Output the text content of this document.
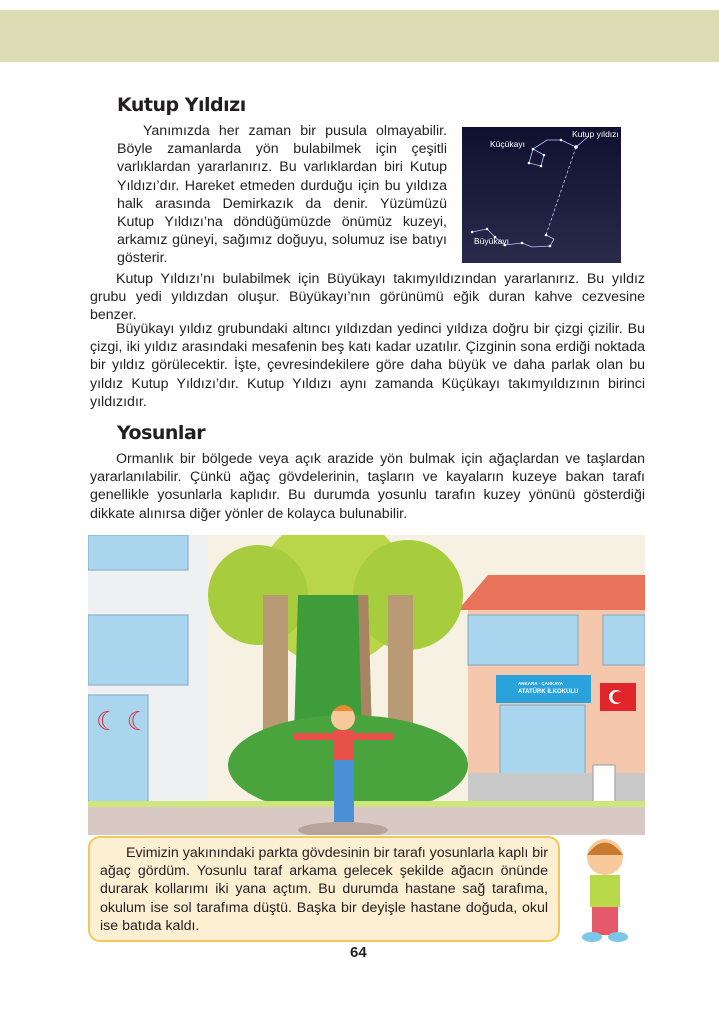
Kutup Yıldızı
Yanımızda her zaman bir pusula olmayabilir. Böyle zamanlarda yön bulabilmek için çeşitli varlıklardan yararlanırız. Bu varlıklardan biri Kutup Yıldızı’dır. Hareket etmeden durduğu için bu yıldıza halk arasında Demirkazık da denir. Yüzümüzü Kutup Yıldızı’na döndüğümüzde önümüz kuzeyi, arkamız güneyi, sağımız doğuyu, solumuz ise batıyı gösterir.
Küçükayı
Kutup yıldızı
Büyükayı
Kutup Yıldızı’nı bulabilmek için Büyükayı takımyıldızından yararlanırız. Bu yıldız grubu yedi yıldızdan oluşur. Büyükayı’nın görünümü eğik duran kahve cezvesine benzer.
Büyükayı yıldız grubundaki altıncı yıldızdan yedinci yıldıza doğru bir çizgi çizilir. Bu çizgi, iki yıldız arasındaki mesafenin beş katı kadar uzatılır. Çizginin sona erdiği noktada bir yıldız görülecektir. İşte, çevresindekilere göre daha büyük ve daha parlak olan bu yıldız Kutup Yıldızı’dır. Kutup Yıldızı aynı zamanda Küçükayı takımyıldızının birinci yıldızıdır.
Yosunlar
Ormanlık bir bölgede veya açık arazide yön bulmak için ağaçlardan ve taşlardan yararlanılabilir. Çünkü ağaç gövdelerinin, taşların ve kayaların kuzeye bakan tarafı genellikle yosunlarla kaplıdır. Bu durumda yosunlu tarafın kuzey yönünü gösterdiği dikkate alınırsa diğer yönler de kolayca bulunabilir.
☾ ☾
ANKARA · ÇANKAYA
ATATÜRK İLKOKULU
Evimizin yakınındaki parkta gövdesinin bir tarafı yosunlarla kaplı bir ağaç gördüm. Yosunlu taraf arkama gelecek şekilde ağacın önünde durarak kollarımı iki yana açtım. Bu durumda hastane sağ tarafıma, okulum ise sol tarafıma düştü. Başka bir deyişle hastane doğuda, okul ise batıda kaldı.
64
